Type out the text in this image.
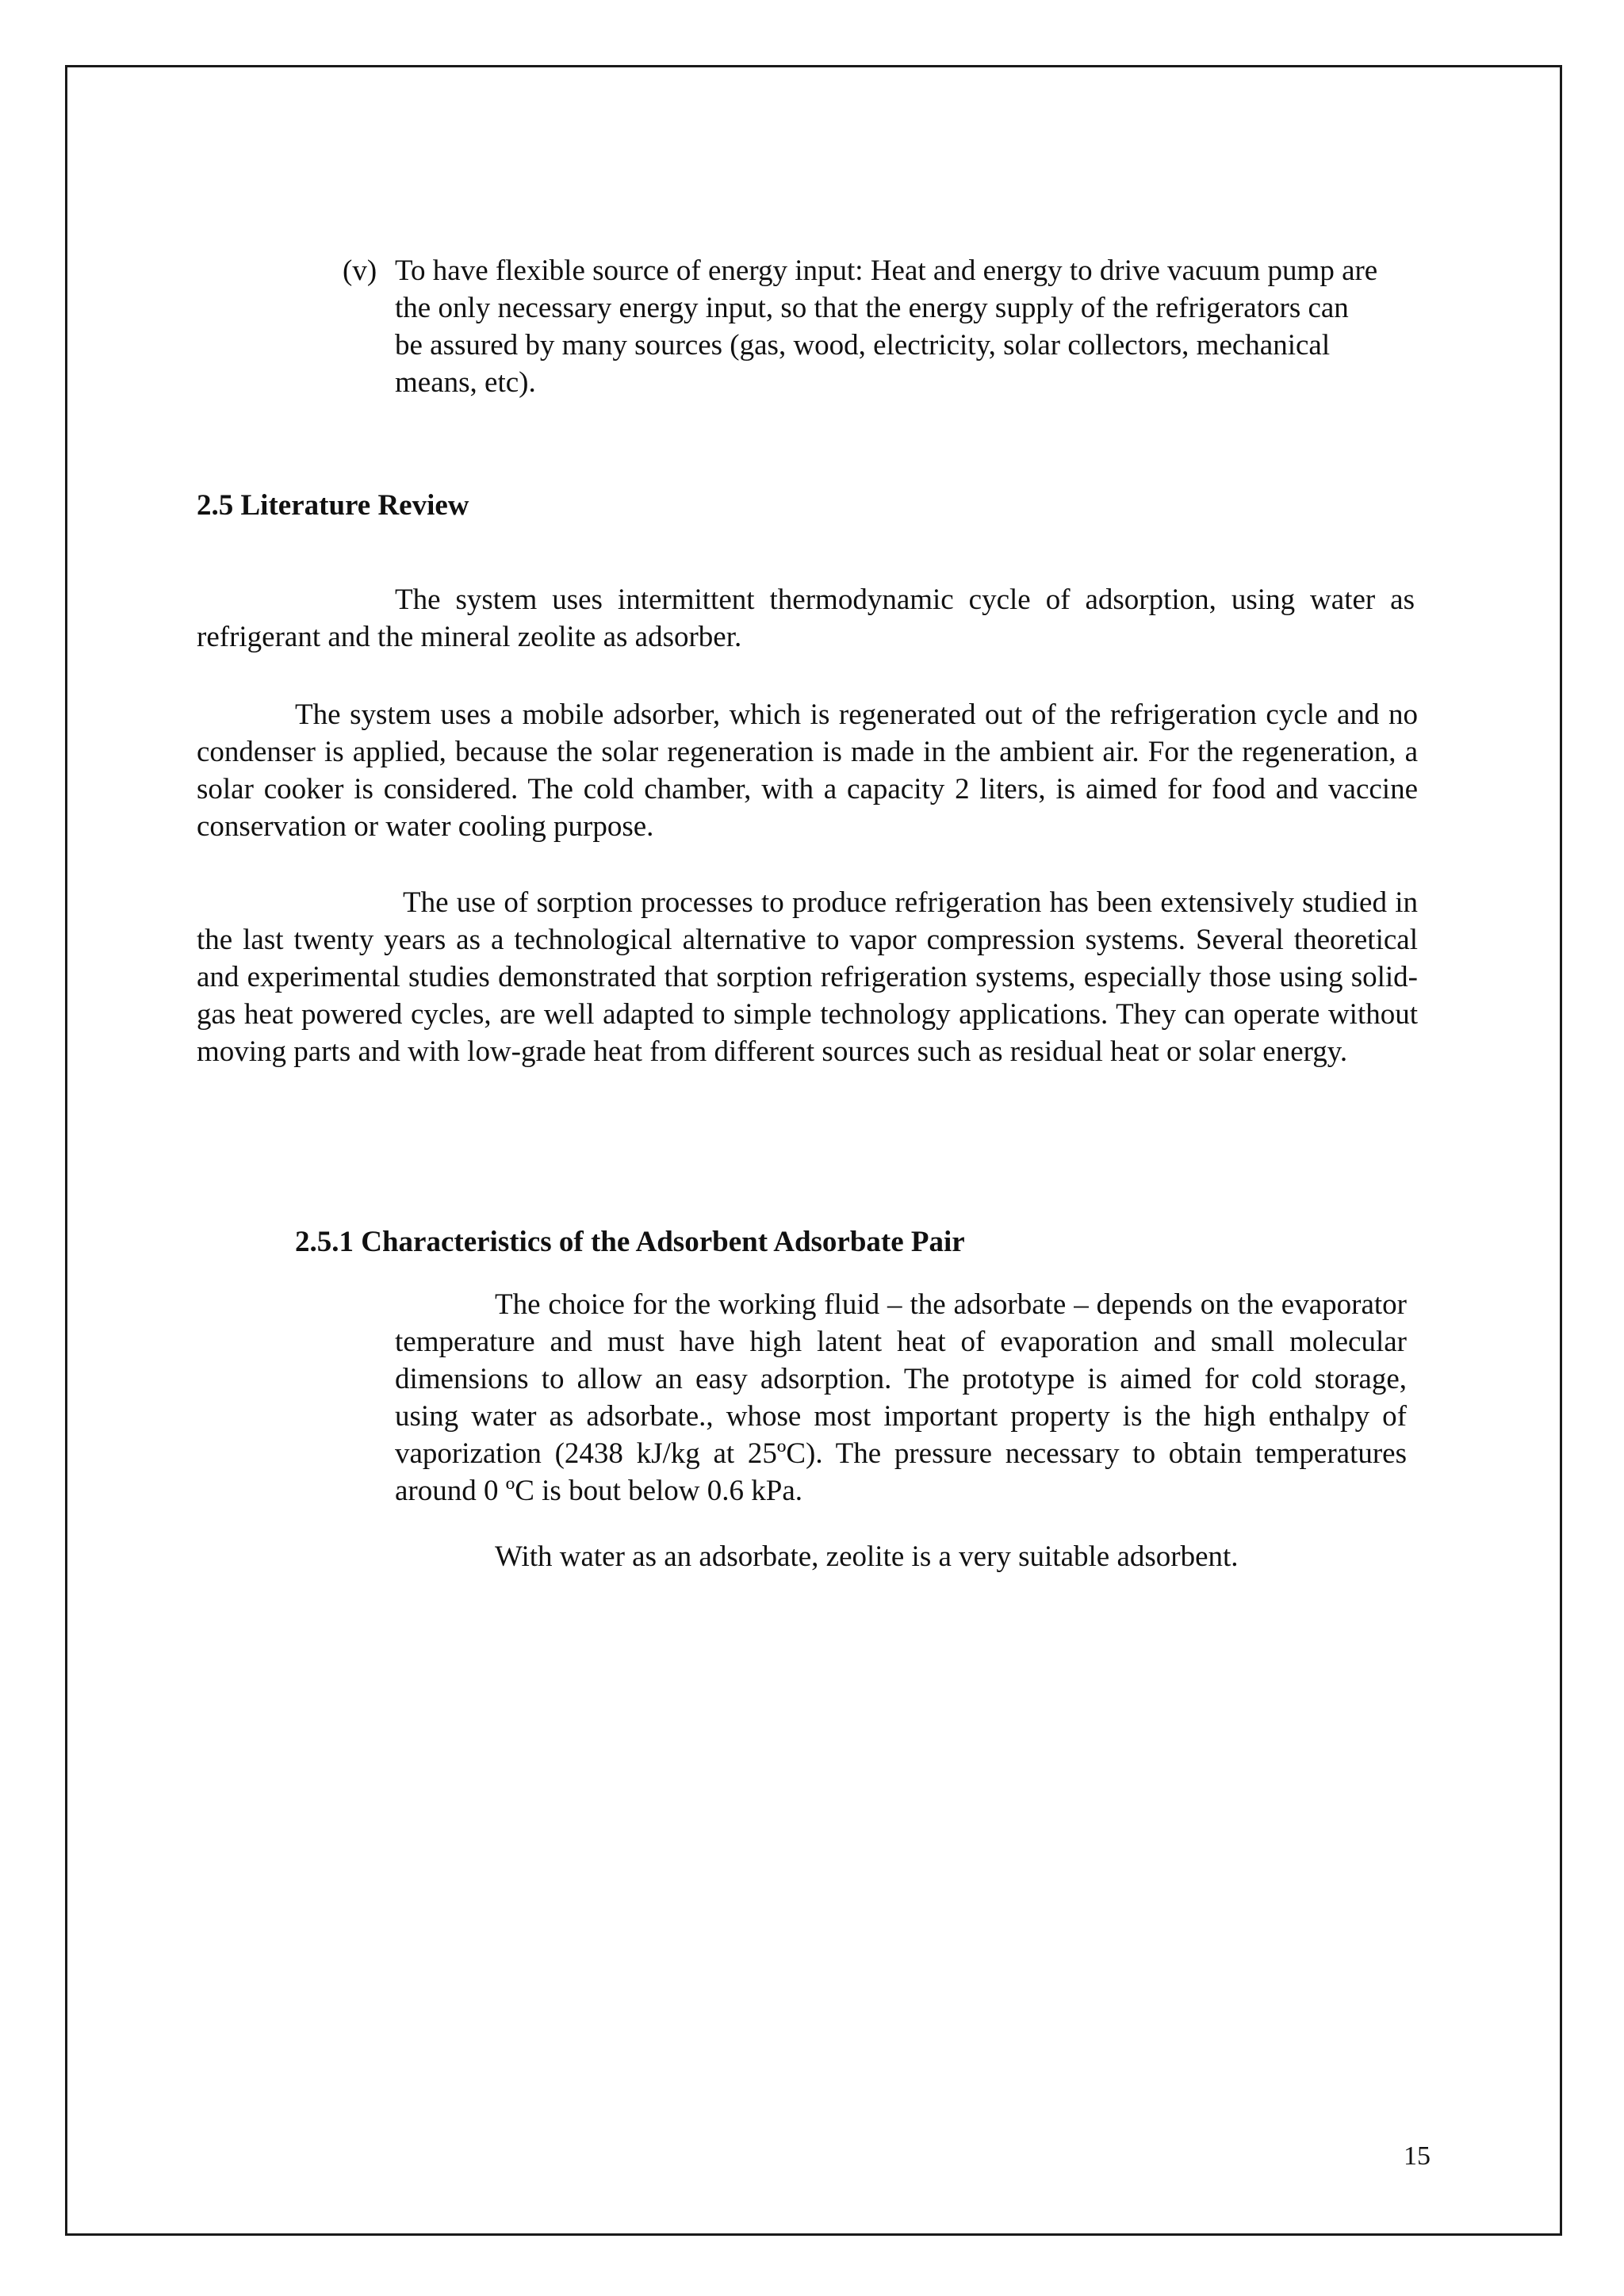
(v) To have flexible source of energy input: Heat and energy to drive vacuum pump are the only necessary energy input, so that the energy supply of the refrigerators can be assured by many sources (gas, wood, electricity, solar collectors, mechanical means, etc).

2.5 Literature Review

The system uses intermittent thermodynamic cycle of adsorption, using water as refrigerant and the mineral zeolite as adsorber.

The system uses a mobile adsorber, which is regenerated out of the refrigeration cycle and no condenser is applied, because the solar regeneration is made in the ambient air. For the regeneration, a solar cooker is considered. The cold chamber, with a capacity 2 liters, is aimed for food and vaccine conservation or water cooling purpose.

The use of sorption processes to produce refrigeration has been extensively studied in the last twenty years as a technological alternative to vapor compression systems. Several theoretical and experimental studies demonstrated that sorption refrigeration systems, especially those using solid-gas heat powered cycles, are well adapted to simple technology applications. They can operate without moving parts and with low-grade heat from different sources such as residual heat or solar energy.

2.5.1 Characteristics of the Adsorbent Adsorbate Pair

The choice for the working fluid – the adsorbate – depends on the evaporator temperature and must have high latent heat of evaporation and small molecular dimensions to allow an easy adsorption. The prototype is aimed for cold storage, using water as adsorbate., whose most important property is the high enthalpy of vaporization (2438 kJ/kg at 25ºC). The pressure necessary to obtain temperatures around 0 ºC is bout below 0.6 kPa.

With water as an adsorbate, zeolite is a very suitable adsorbent.

15
